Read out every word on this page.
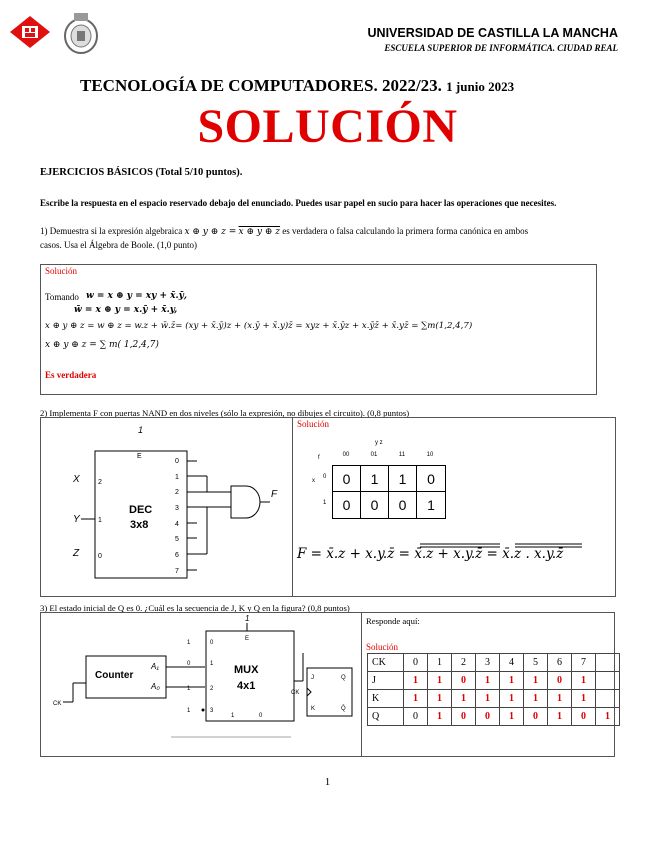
UNIVERSIDAD DE CASTILLA LA MANCHA
ESCUELA SUPERIOR DE INFORMÁTICA. CIUDAD REAL
TECNOLOGÍA DE COMPUTADORES. 2022/23. 1 junio 2023
SOLUCIÓN
EJERCICIOS BÁSICOS (Total 5/10 puntos).
Escribe la respuesta en el espacio reservado debajo del enunciado. Puedes usar papel en sucio para hacer las operaciones que necesites.
1) Demuestra si la expresión algebraica x ⊕ y ⊕ z = x ⊕ y ⊕ z es verdadera o falsa calculando la primera forma canónica en ambos
casos. Usa el Álgebra de Boole. (1,0 punto)
Solución
Tomando w = x ⊕ y = xy + x̄.ȳ,
w̄ = x ⊕ y = x.ȳ + x̄.y,
x ⊕ y ⊕ z = w ⊕ z = w.z + w̄.z̄= (xy + x̄.ȳ)z + (x.ȳ + x̄.y)z̄ = xyz + x̄.ȳz + x.ȳz̄ + x̄.yz̄ = ∑m(1,2,4,7)
x ⊕ y ⊕ z = ∑ m( 1,2,4,7)
Es verdadera
2) Implementa F con puertas NAND en dos niveles (sólo la expresión, no dibujes el circuito). (0,8 puntos)
1
E
DEC
3x8
X
Y
Z
2
1
0
0
1
2
3
4
5
6
7
F
Solución
y z
x
f	00	01	11	10
0	1	1	0
0	0	0	1
0
1
F = x̄.z + x.y.z̄ = x̄.z + x.y.z̄ = x̄.z . x.y.z̄
3) El estado inicial de Q es 0. ¿Cuál es la secuencia de J, K y Q en la figura? (0,8 puntos)
Counter
A₁
A₀
CK
1
E
MUX
4x1
1
0
1
1
0
1
2
3
1	0
J	Q
K	Q̄
CK
Responde aquí:
Solución
CK	0	1	2	3	4	5	6	7	
J	1	1	0	1	1	1	0	1	
K	1	1	1	1	1	1	1	1	
Q	0	1	0	0	1	0	1	0	1
1
